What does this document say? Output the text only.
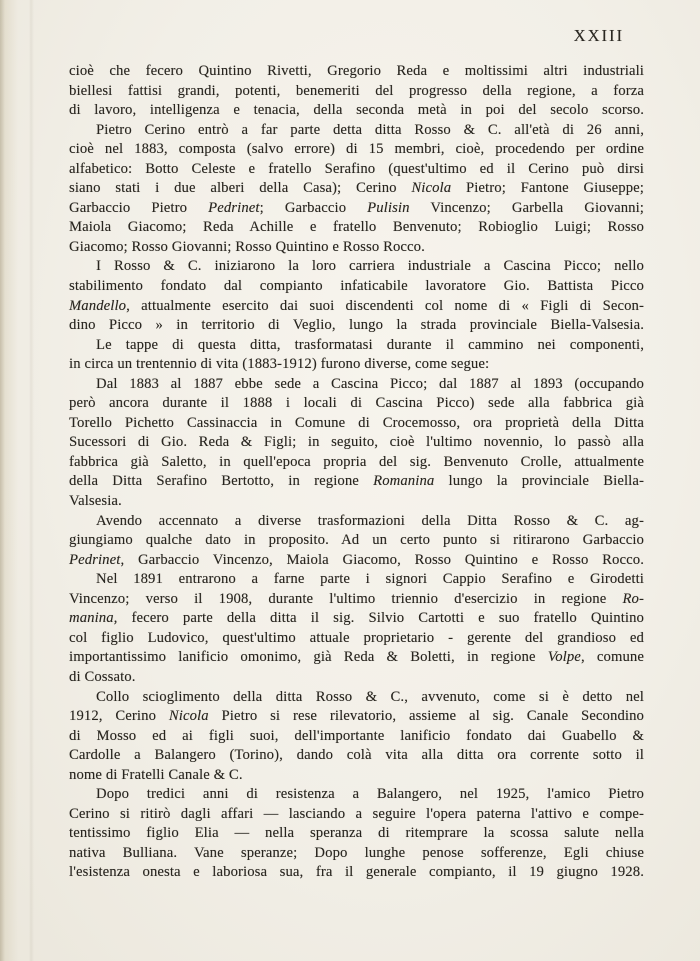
XXIII
cioè che fecero Quintino Rivetti, Gregorio Reda e moltissimi altri industriali
biellesi fattisi grandi, potenti, benemeriti del progresso della regione, a forza
di lavoro, intelligenza e tenacia, della seconda metà in poi del secolo scorso.
Pietro Cerino entrò a far parte detta ditta Rosso & C. all'età di 26 anni,
cioè nel 1883, composta (salvo errore) di 15 membri, cioè, procedendo per ordine
alfabetico: Botto Celeste e fratello Serafino (quest'ultimo ed il Cerino può dirsi
siano stati i due alberi della Casa); Cerino Nicola Pietro; Fantone Giuseppe;
Garbaccio Pietro Pedrinet; Garbaccio Pulisin Vincenzo; Garbella Giovanni;
Maiola Giacomo; Reda Achille e fratello Benvenuto; Robioglio Luigi; Rosso
Giacomo; Rosso Giovanni; Rosso Quintino e Rosso Rocco.
I Rosso & C. iniziarono la loro carriera industriale a Cascina Picco; nello
stabilimento fondato dal compianto infaticabile lavoratore Gio. Battista Picco
Mandello, attualmente esercito dai suoi discendenti col nome di « Figli di Secon-
dino Picco » in territorio di Veglio, lungo la strada provinciale Biella-Valsesia.
Le tappe di questa ditta, trasformatasi durante il cammino nei componenti,
in circa un trentennio di vita (1883-1912) furono diverse, come segue:
Dal 1883 al 1887 ebbe sede a Cascina Picco; dal 1887 al 1893 (occupando
però ancora durante il 1888 i locali di Cascina Picco) sede alla fabbrica già
Torello Pichetto Cassinaccia in Comune di Crocemosso, ora proprietà della Ditta
Sucessori di Gio. Reda & Figli; in seguito, cioè l'ultimo novennio, lo passò alla
fabbrica già Saletto, in quell'epoca propria del sig. Benvenuto Crolle, attualmente
della Ditta Serafino Bertotto, in regione Romanina lungo la provinciale Biella-
Valsesia.
Avendo accennato a diverse trasformazioni della Ditta Rosso & C. ag-
giungiamo qualche dato in proposito. Ad un certo punto si ritirarono Garbaccio
Pedrinet, Garbaccio Vincenzo, Maiola Giacomo, Rosso Quintino e Rosso Rocco.
Nel 1891 entrarono a farne parte i signori Cappio Serafino e Girodetti
Vincenzo; verso il 1908, durante l'ultimo triennio d'esercizio in regione Ro-
manina, fecero parte della ditta il sig. Silvio Cartotti e suo fratello Quintino
col figlio Ludovico, quest'ultimo attuale proprietario - gerente del grandioso ed
importantissimo lanificio omonimo, già Reda & Boletti, in regione Volpe, comune
di Cossato.
Collo scioglimento della ditta Rosso & C., avvenuto, come si è detto nel
1912, Cerino Nicola Pietro si rese rilevatorio, assieme al sig. Canale Secondino
di Mosso ed ai figli suoi, dell'importante lanificio fondato dai Guabello &
Cardolle a Balangero (Torino), dando colà vita alla ditta ora corrente sotto il
nome di Fratelli Canale & C.
Dopo tredici anni di resistenza a Balangero, nel 1925, l'amico Pietro
Cerino si ritirò dagli affari — lasciando a seguire l'opera paterna l'attivo e compe-
tentissimo figlio Elia — nella speranza di ritemprare la scossa salute nella
nativa Bulliana. Vane speranze; Dopo lunghe penose sofferenze, Egli chiuse
l'esistenza onesta e laboriosa sua, fra il generale compianto, il 19 giugno 1928.
